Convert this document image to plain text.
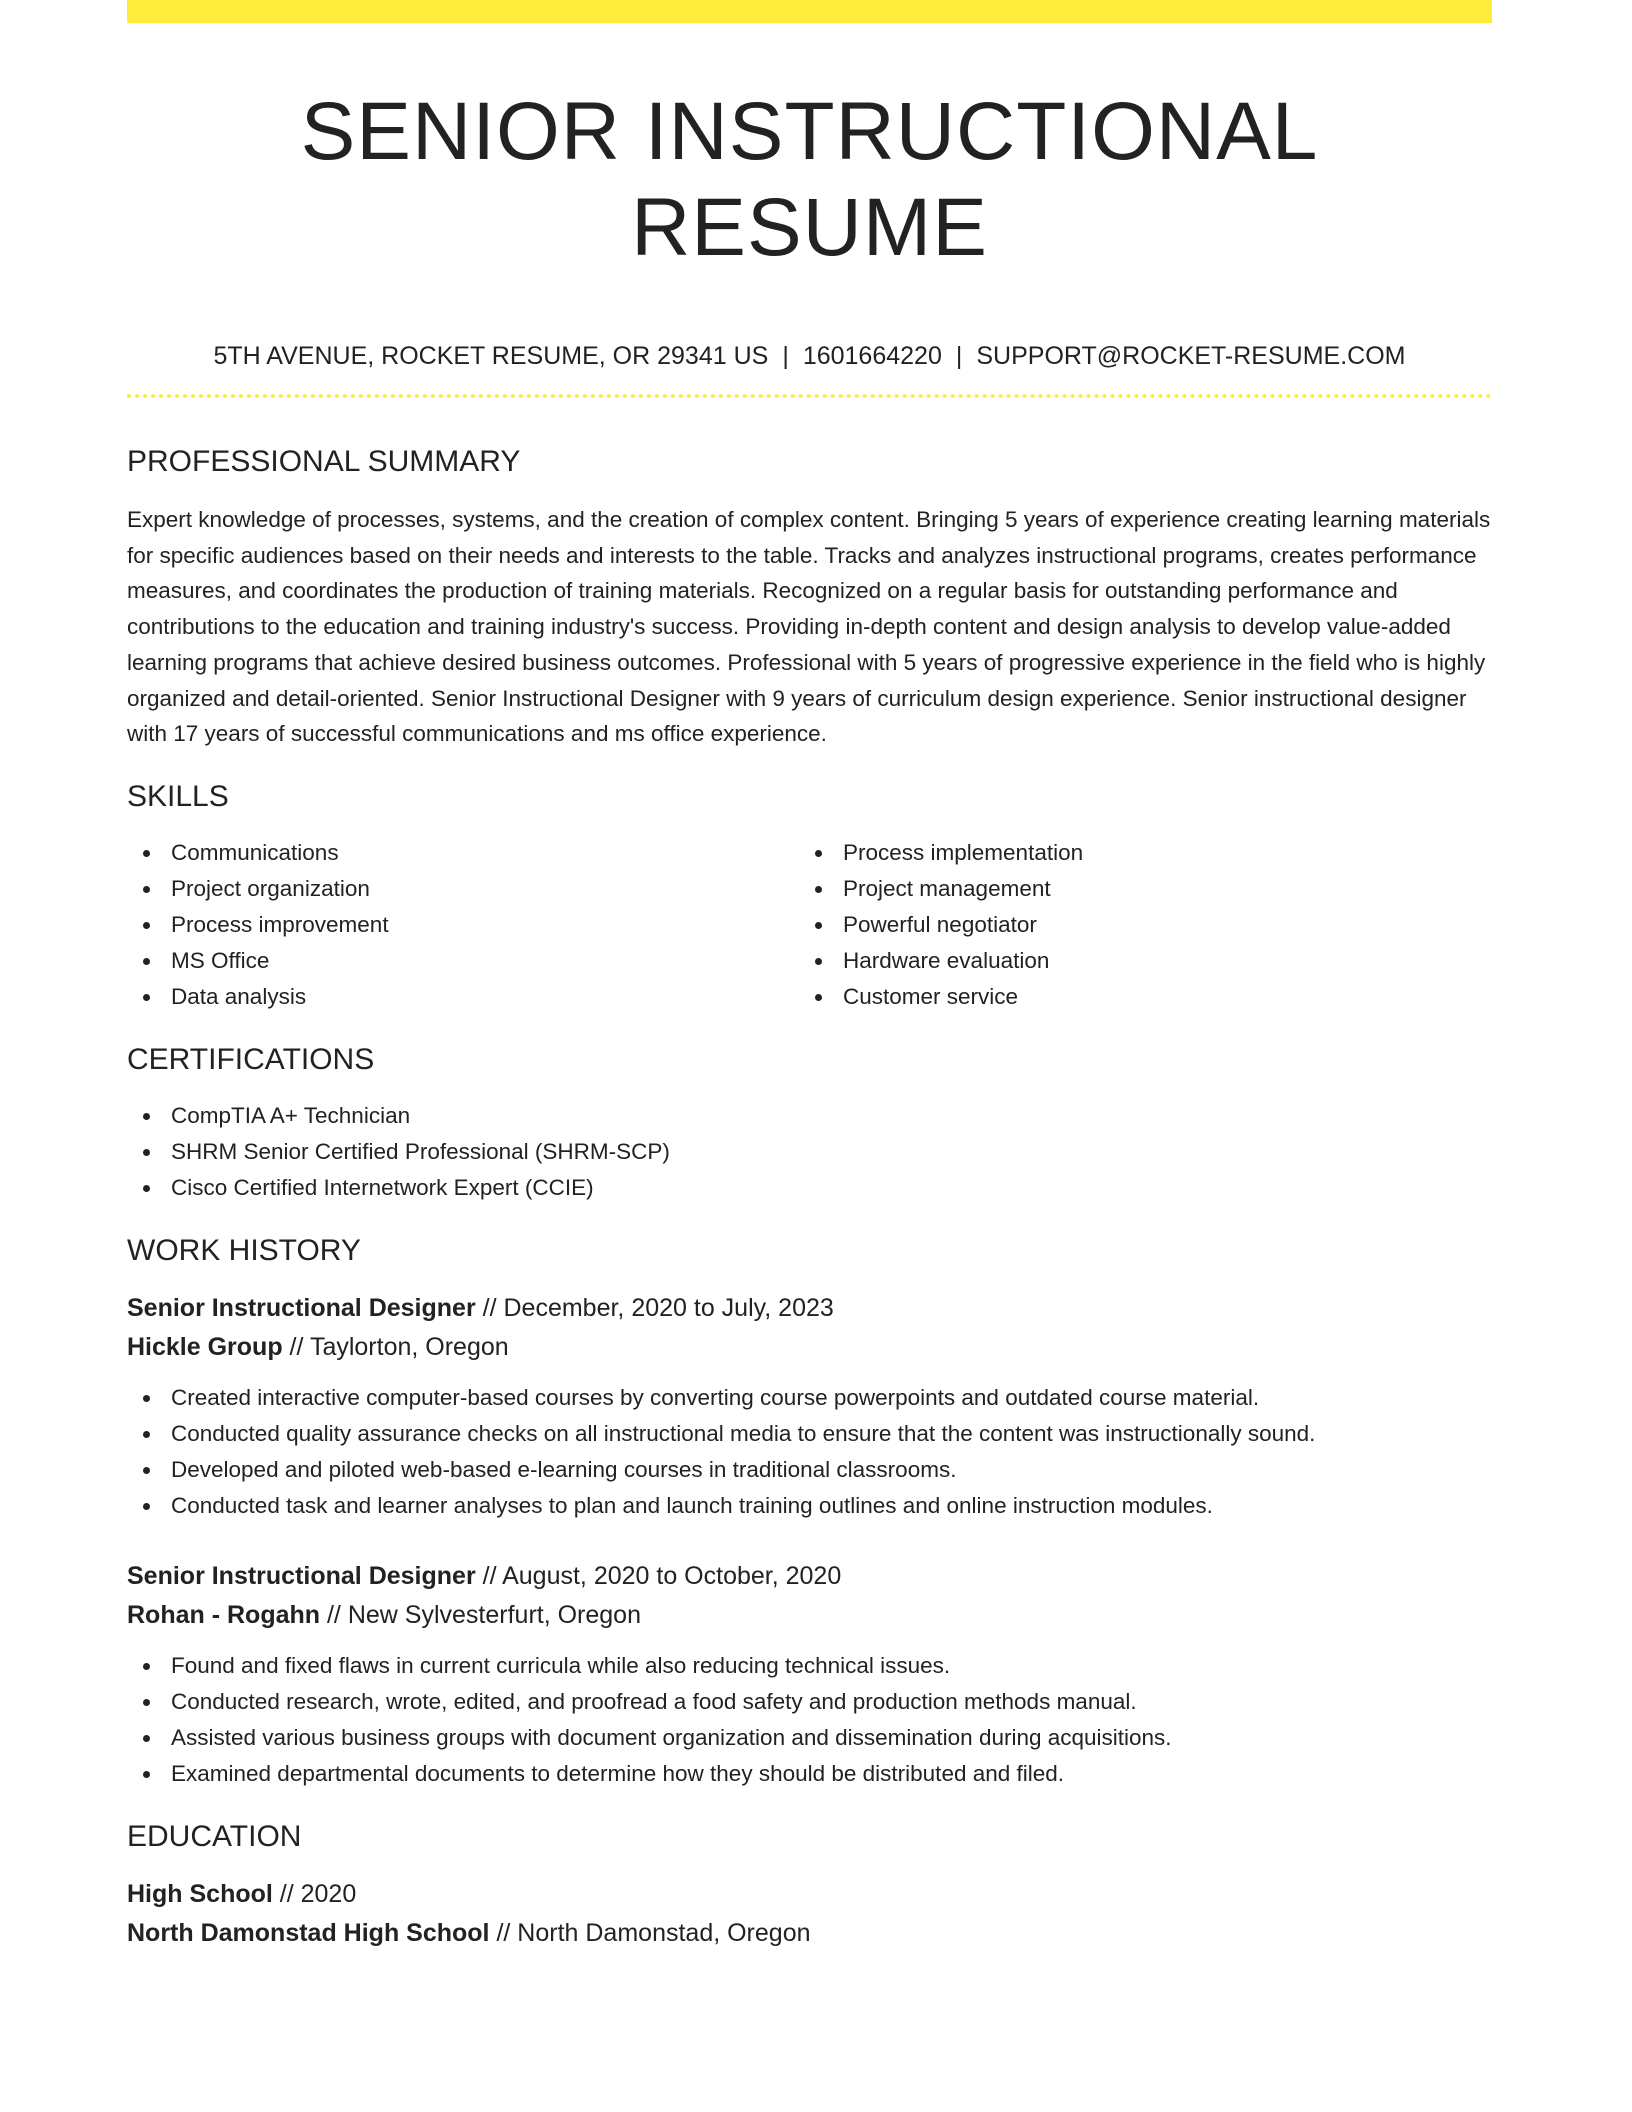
SENIOR INSTRUCTIONAL RESUME
5TH AVENUE, ROCKET RESUME, OR 29341 US | 1601664220 | SUPPORT@ROCKET-RESUME.COM
PROFESSIONAL SUMMARY

Expert knowledge of processes, systems, and the creation of complex content. Bringing 5 years of experience creating learning materials for specific audiences based on their needs and interests to the table. Tracks and analyzes instructional programs, creates performance measures, and coordinates the production of training materials. Recognized on a regular basis for outstanding performance and contributions to the education and training industry's success. Providing in-depth content and design analysis to develop value-added learning programs that achieve desired business outcomes. Professional with 5 years of progressive experience in the field who is highly organized and detail-oriented. Senior Instructional Designer with 9 years of curriculum design experience. Senior instructional designer with 17 years of successful communications and ms office experience.

SKILLS
Communications
Project organization
Process improvement
MS Office
Data analysis
Process implementation
Project management
Powerful negotiator
Hardware evaluation
Customer service
CERTIFICATIONS
CompTIA A+ Technician
SHRM Senior Certified Professional (SHRM-SCP)
Cisco Certified Internetwork Expert (CCIE)
WORK HISTORY
Senior Instructional Designer // December, 2020 to July, 2023
Hickle Group // Taylorton, Oregon
Created interactive computer-based courses by converting course powerpoints and outdated course material.
Conducted quality assurance checks on all instructional media to ensure that the content was instructionally sound.
Developed and piloted web-based e-learning courses in traditional classrooms.
Conducted task and learner analyses to plan and launch training outlines and online instruction modules.
Senior Instructional Designer // August, 2020 to October, 2020
Rohan - Rogahn // New Sylvesterfurt, Oregon
Found and fixed flaws in current curricula while also reducing technical issues.
Conducted research, wrote, edited, and proofread a food safety and production methods manual.
Assisted various business groups with document organization and dissemination during acquisitions.
Examined departmental documents to determine how they should be distributed and filed.
EDUCATION
High School // 2020
North Damonstad High School // North Damonstad, Oregon
